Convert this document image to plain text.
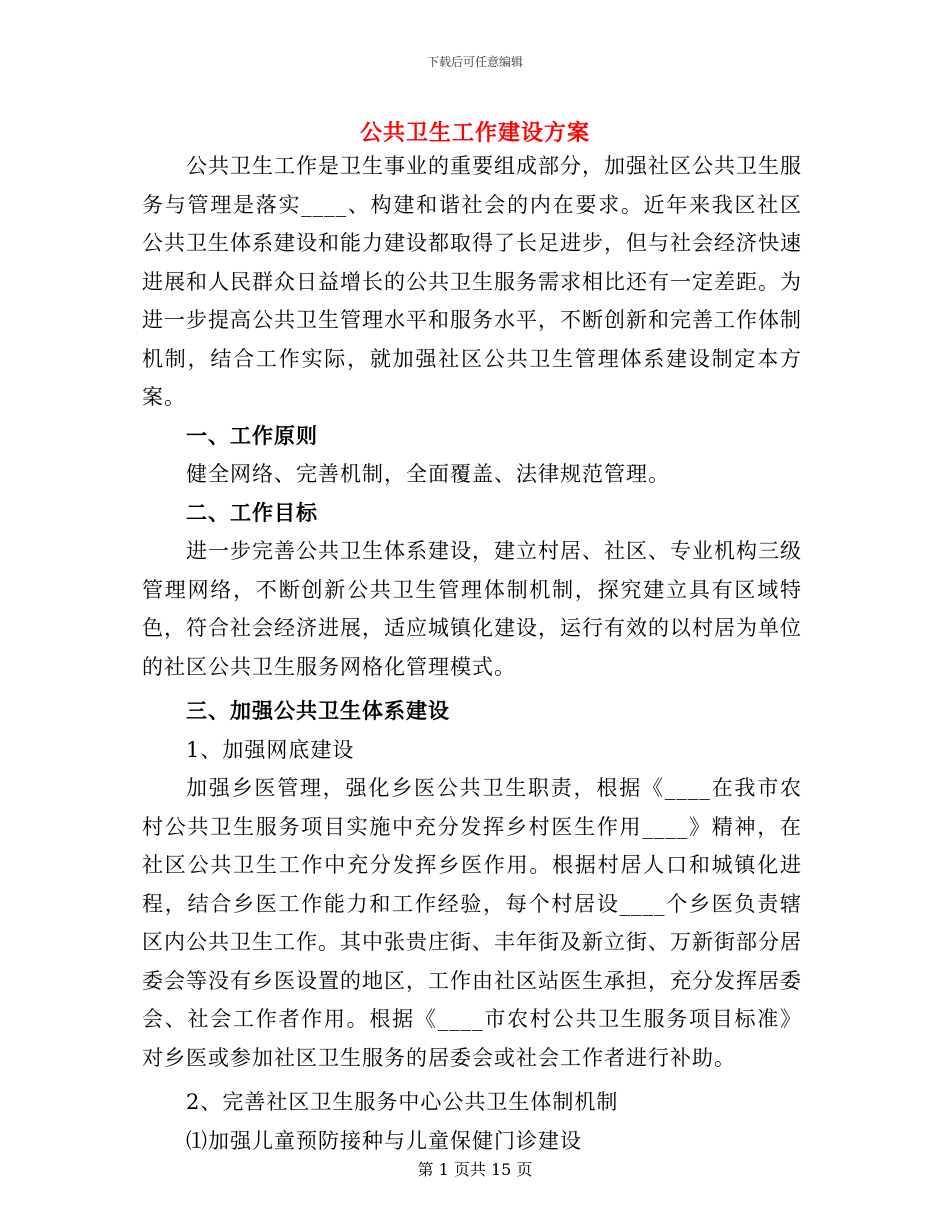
下载后可任意编辑
公共卫生工作建设方案

公共卫生工作是卫生事业的重要组成部分，加强社区公共卫生服务与管理是落实____、构建和谐社会的内在要求。近年来我区社区公共卫生体系建设和能力建设都取得了长足进步，但与社会经济快速进展和人民群众日益增长的公共卫生服务需求相比还有一定差距。为进一步提高公共卫生管理水平和服务水平，不断创新和完善工作体制机制，结合工作实际，就加强社区公共卫生管理体系建设制定本方案。

一、工作原则

健全网络、完善机制，全面覆盖、法律规范管理。

二、工作目标

进一步完善公共卫生体系建设，建立村居、社区、专业机构三级管理网络，不断创新公共卫生管理体制机制，探究建立具有区域特色，符合社会经济进展，适应城镇化建设，运行有效的以村居为单位的社区公共卫生服务网格化管理模式。

三、加强公共卫生体系建设

1、加强网底建设

加强乡医管理，强化乡医公共卫生职责，根据《____在我市农村公共卫生服务项目实施中充分发挥乡村医生作用____》精神，在社区公共卫生工作中充分发挥乡医作用。根据村居人口和城镇化进程，结合乡医工作能力和工作经验，每个村居设____个乡医负责辖区内公共卫生工作。其中张贵庄街、丰年街及新立街、万新街部分居委会等没有乡医设置的地区，工作由社区站医生承担，充分发挥居委会、社会工作者作用。根据《____市农村公共卫生服务项目标准》对乡医或参加社区卫生服务的居委会或社会工作者进行补助。

2、完善社区卫生服务中心公共卫生体制机制

⑴加强儿童预防接种与儿童保健门诊建设

第 1 页共 15 页
